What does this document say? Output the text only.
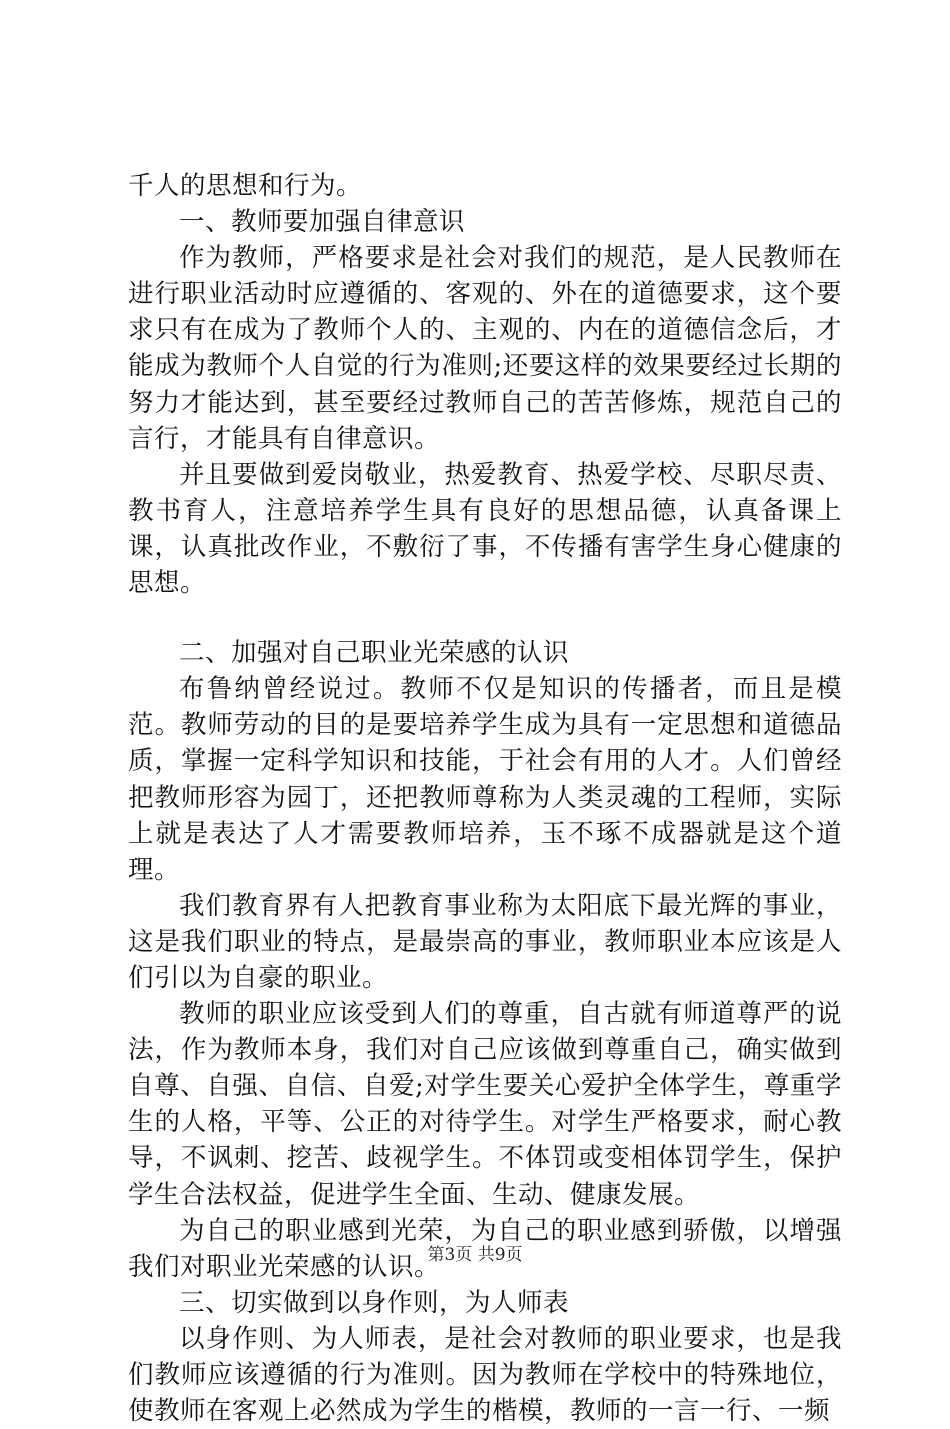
千人的思想和行为。

一、教师要加强自律意识

作为教师，严格要求是社会对我们的规范，是人民教师在进行职业活动时应遵循的、客观的、外在的道德要求，这个要求只有在成为了教师个人的、主观的、内在的道德信念后，才能成为教师个人自觉的行为准则;还要这样的效果要经过长期的努力才能达到，甚至要经过教师自己的苦苦修炼，规范自己的言行，才能具有自律意识。

并且要做到爱岗敬业，热爱教育、热爱学校、尽职尽责、教书育人，注意培养学生具有良好的思想品德，认真备课上课，认真批改作业，不敷衍了事，不传播有害学生身心健康的思想。

二、加强对自己职业光荣感的认识

布鲁纳曾经说过。教师不仅是知识的传播者，而且是模范。教师劳动的目的是要培养学生成为具有一定思想和道德品质，掌握一定科学知识和技能，于社会有用的人才。人们曾经把教师形容为园丁，还把教师尊称为人类灵魂的工程师，实际上就是表达了人才需要教师培养，玉不琢不成器就是这个道理。

我们教育界有人把教育事业称为太阳底下最光辉的事业，这是我们职业的特点，是最崇高的事业，教师职业本应该是人们引以为自豪的职业。

教师的职业应该受到人们的尊重，自古就有师道尊严的说法，作为教师本身，我们对自己应该做到尊重自己，确实做到自尊、自强、自信、自爱;对学生要关心爱护全体学生，尊重学生的人格，平等、公正的对待学生。对学生严格要求，耐心教导，不讽刺、挖苦、歧视学生。不体罚或变相体罚学生，保护学生合法权益，促进学生全面、生动、健康发展。

为自己的职业感到光荣，为自己的职业感到骄傲，以增强我们对职业光荣感的认识。

三、切实做到以身作则，为人师表

以身作则、为人师表，是社会对教师的职业要求，也是我们教师应该遵循的行为准则。因为教师在学校中的特殊地位，使教师在客观上必然成为学生的楷模，教师的一言一行、一频

第3页 共9页
